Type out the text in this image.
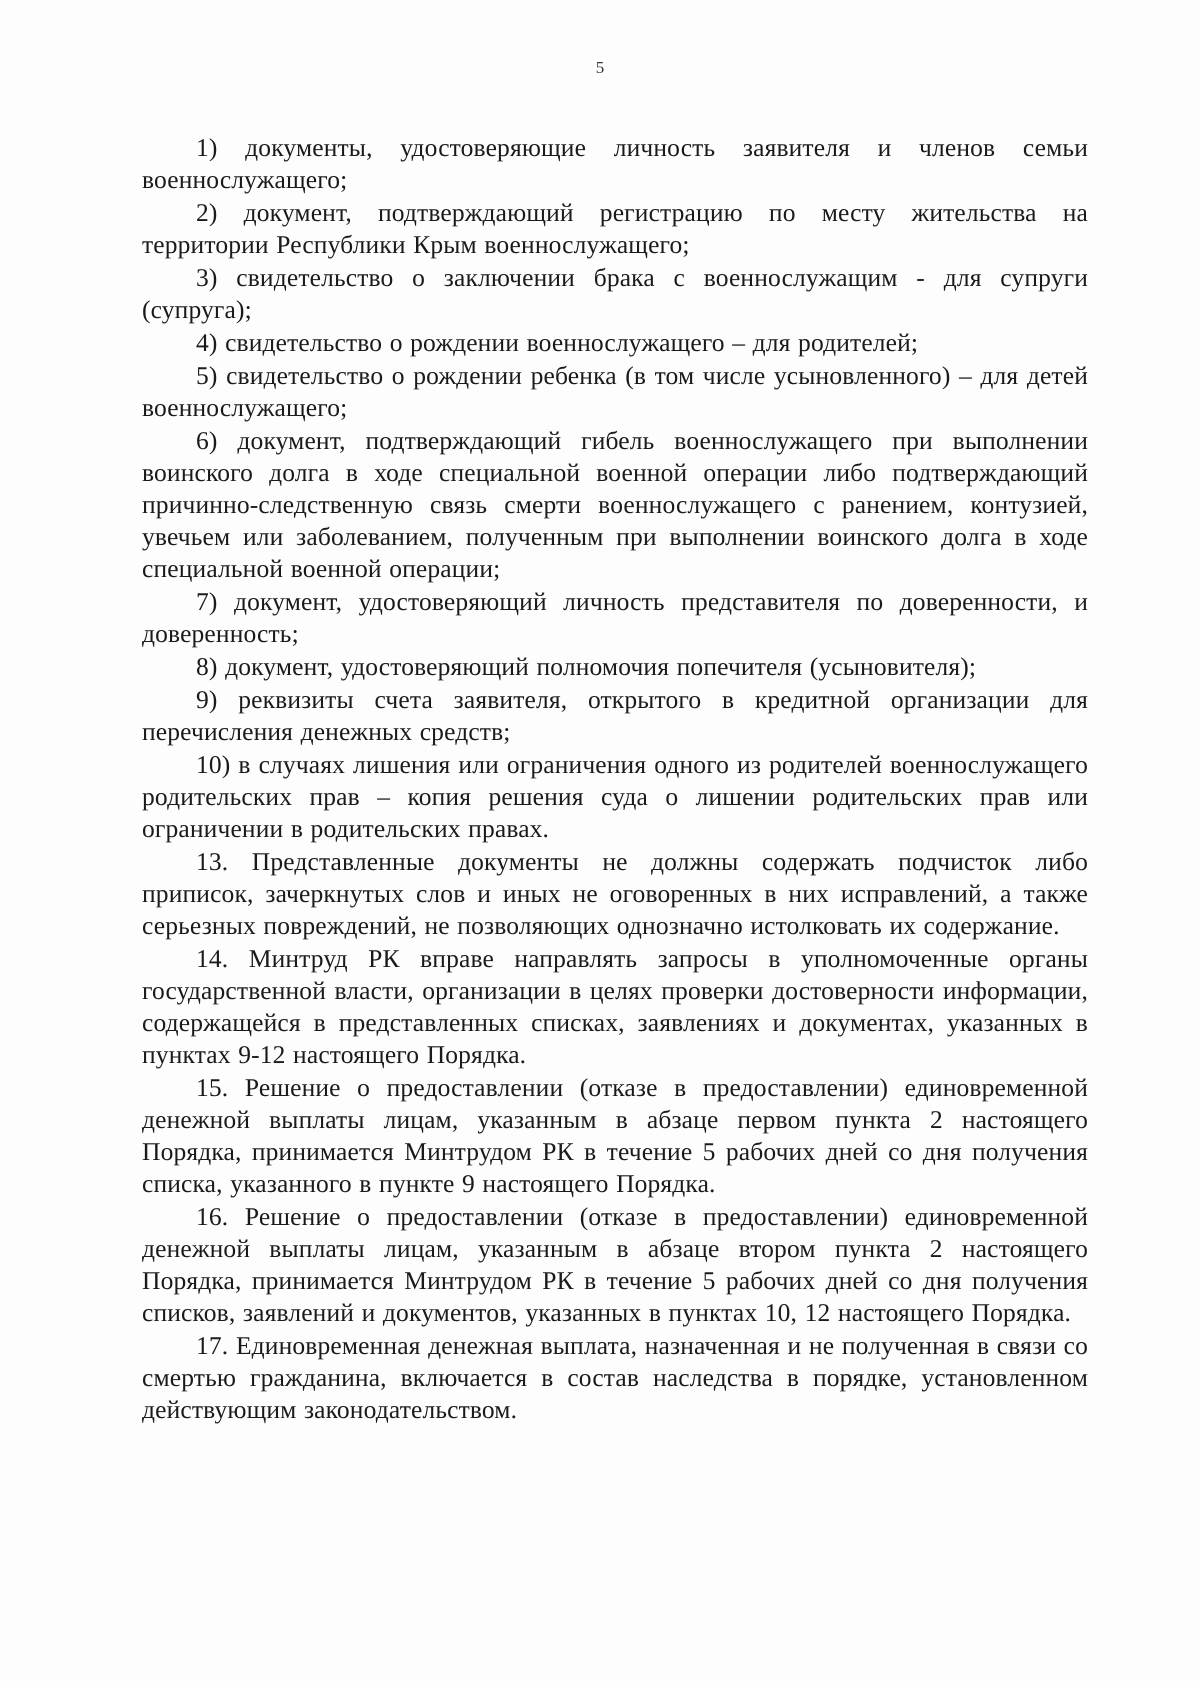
5

1) документы, удостоверяющие личность заявителя и членов семьи военнослужащего;

2) документ, подтверждающий регистрацию по месту жительства на территории Республики Крым военнослужащего;

3) свидетельство о заключении брака с военнослужащим - для супруги (супруга);

4) свидетельство о рождении военнослужащего – для родителей;

5) свидетельство о рождении ребенка (в том числе усыновленного) – для детей военнослужащего;

6) документ, подтверждающий гибель военнослужащего при выполнении воинского долга в ходе специальной военной операции либо подтверждающий причинно-следственную связь смерти военнослужащего с ранением, контузией, увечьем или заболеванием, полученным при выполнении воинского долга в ходе специальной военной операции;

7) документ, удостоверяющий личность представителя по доверенности, и доверенность;

8) документ, удостоверяющий полномочия попечителя (усыновителя);

9) реквизиты счета заявителя, открытого в кредитной организации для перечисления денежных средств;

10) в случаях лишения или ограничения одного из родителей военнослужащего родительских прав – копия решения суда о лишении родительских прав или ограничении в родительских правах.

13. Представленные документы не должны содержать подчисток либо приписок, зачеркнутых слов и иных не оговоренных в них исправлений, а также серьезных повреждений, не позволяющих однозначно истолковать их содержание.

14. Минтруд РК вправе направлять запросы в уполномоченные органы государственной власти, организации в целях проверки достоверности информации, содержащейся в представленных списках, заявлениях и документах, указанных в пунктах 9-12 настоящего Порядка.

15. Решение о предоставлении (отказе в предоставлении) единовременной денежной выплаты лицам, указанным в абзаце первом пункта 2 настоящего Порядка, принимается Минтрудом РК в течение 5 рабочих дней со дня получения списка, указанного в пункте 9 настоящего Порядка.

16. Решение о предоставлении (отказе в предоставлении) единовременной денежной выплаты лицам, указанным в абзаце втором пункта 2 настоящего Порядка, принимается Минтрудом РК в течение 5 рабочих дней со дня получения списков, заявлений и документов, указанных в пунктах 10, 12 настоящего Порядка.

17. Единовременная денежная выплата, назначенная и не полученная в связи со смертью гражданина, включается в состав наследства в порядке, установленном действующим законодательством.
